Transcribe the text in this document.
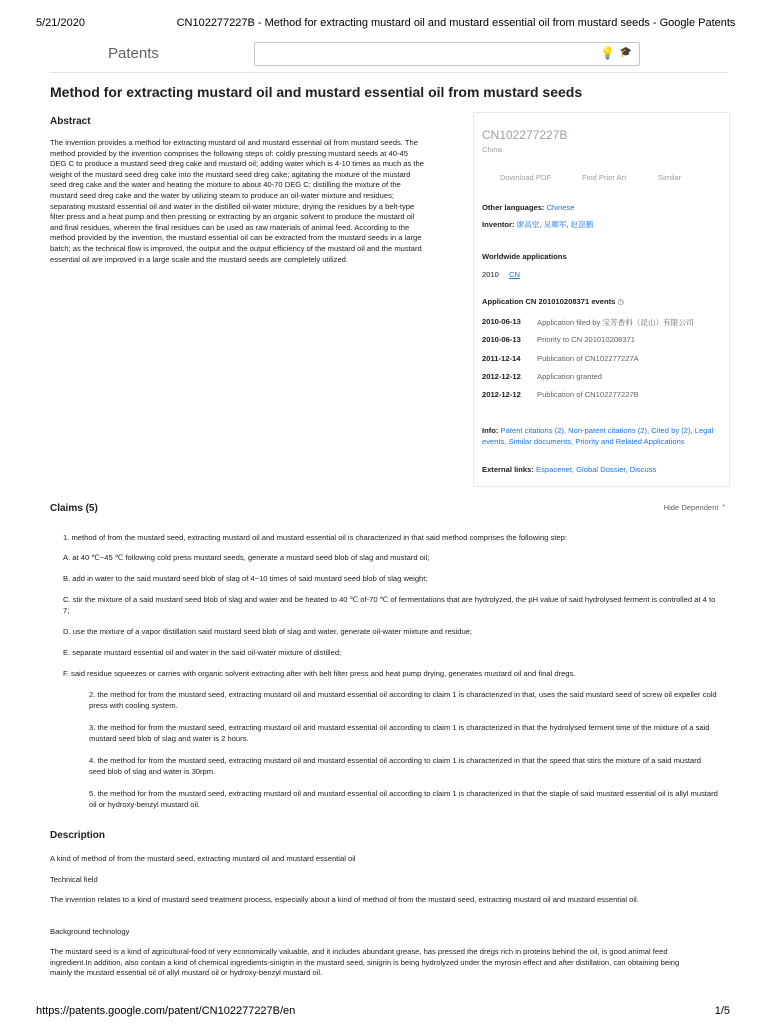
5/21/2020	CN102277227B - Method for extracting mustard oil and mustard essential oil from mustard seeds - Google Patents
Patents	💡 🎓
Method for extracting mustard oil and mustard essential oil from mustard seeds
Abstract
The invention provides a method for extracting mustard oil and mustard essential oil from mustard seeds. The method provided by the invention comprises the following steps of: coldly pressing mustard seeds at 40-45 DEG C to produce a mustard seed dreg cake and mustard oil; adding water which is 4-10 times as much as the weight of the mustard seed dreg cake into the mustard seed dreg cake; agitating the mixture of the mustard seed dreg cake and the water and heating the mixture to about 40-70 DEG C; distilling the mixture of the mustard seed dreg cake and the water by utilizing steam to produce an oil-water mixture and residues; separating mustard essential oil and water in the distilled oil-water mixture; drying the residues by a belt-type filter press and a heat pump and then pressing or extracting by an organic solvent to produce the mustard oil and final residues, wherein the final residues can be used as raw materials of animal feed. According to the method provided by the invention, the mustard essential oil can be extracted from the mustard seeds in a large batch; as the technical flow is improved, the output and the output efficiency of the mustard oil and the mustard essential oil are improved in a large scale and the mustard seeds are completely utilized.
CN102277227B
China
Download PDF	Find Prior Art	Similar
Other languages: Chinese
Inventor: 廖高堂, 吴卿军, 赵崑鹏
Worldwide applications
2010 CN
Application CN 201010208371 events ◷
2010-06-13 Application filed by 宝芳香料（昆山）有限公司
2010-06-13 Priority to CN 201010208371
2011-12-14 Publication of CN102277227A
2012-12-12 Application granted
2012-12-12 Publication of CN102277227B
Info: Patent citations (2), Non-patent citations (2), Cited by (2), Legal events, Similar documents, Priority and Related Applications
External links: Espacenet, Global Dossier, Discuss
Claims (5)	Hide Dependent ⌃
1. method of from the mustard seed, extracting mustard oil and mustard essential oil is characterized in that said method comprises the following step:
A. at 40 ℃~45 ℃ following cold press mustard seeds, generate a mustard seed blob of slag and mustard oil;
B. add in water to the said mustard seed blob of slag of 4~10 times of said mustard seed blob of slag weight;
C. stir the mixture of a said mustard seed blob of slag and water and be heated to 40 ℃ of-70 ℃ of fermentations that are hydrolyzed, the pH value of said hydrolysed ferment is controlled at 4 to 7;
D. use the mixture of a vapor distillation said mustard seed blob of slag and water, generate oil-water mixture and residue;
E. separate mustard essential oil and water in the said oil-water mixture of distilled;
F. said residue squeezes or carries with organic solvent extracting after with belt filter press and heat pump drying, generates mustard oil and final dregs.
2. the method for from the mustard seed, extracting mustard oil and mustard essential oil according to claim 1 is characterized in that, uses the said mustard seed of screw oil expeller cold press with cooling system.
3. the method for from the mustard seed, extracting mustard oil and mustard essential oil according to claim 1 is characterized in that the hydrolysed ferment time of the mixture of a said mustard seed blob of slag and water is 2 hours.
4. the method for from the mustard seed, extracting mustard oil and mustard essential oil according to claim 1 is characterized in that the speed that stirs the mixture of a said mustard seed blob of slag and water is 30rpm.
5. the method for from the mustard seed, extracting mustard oil and mustard essential oil according to claim 1 is characterized in that the staple of said mustard essential oil is allyl mustard oil or hydroxy-benzyl mustard oil.
Description

A kind of method of from the mustard seed, extracting mustard oil and mustard essential oil

Technical field

The invention relates to a kind of mustard seed treatment process, especially about a kind of method of from the mustard seed, extracting mustard oil and mustard essential oil.

Background technology

The mustard seed is a kind of agricultural-food of very economically valuable, and it includes abundant grease, has pressed the dregs rich in proteins behind the oil, is good animal feed ingredient.In addition, also contain a kind of chemical ingredients-sinigrin in the mustard seed, sinigrin is being hydrolyzed under the myrosin effect and after distillation, can obtaining being mainly the mustard essential oil of allyl mustard oil or hydroxy-benzyl mustard oil.

https://patents.google.com/patent/CN102277227B/en	1/5
